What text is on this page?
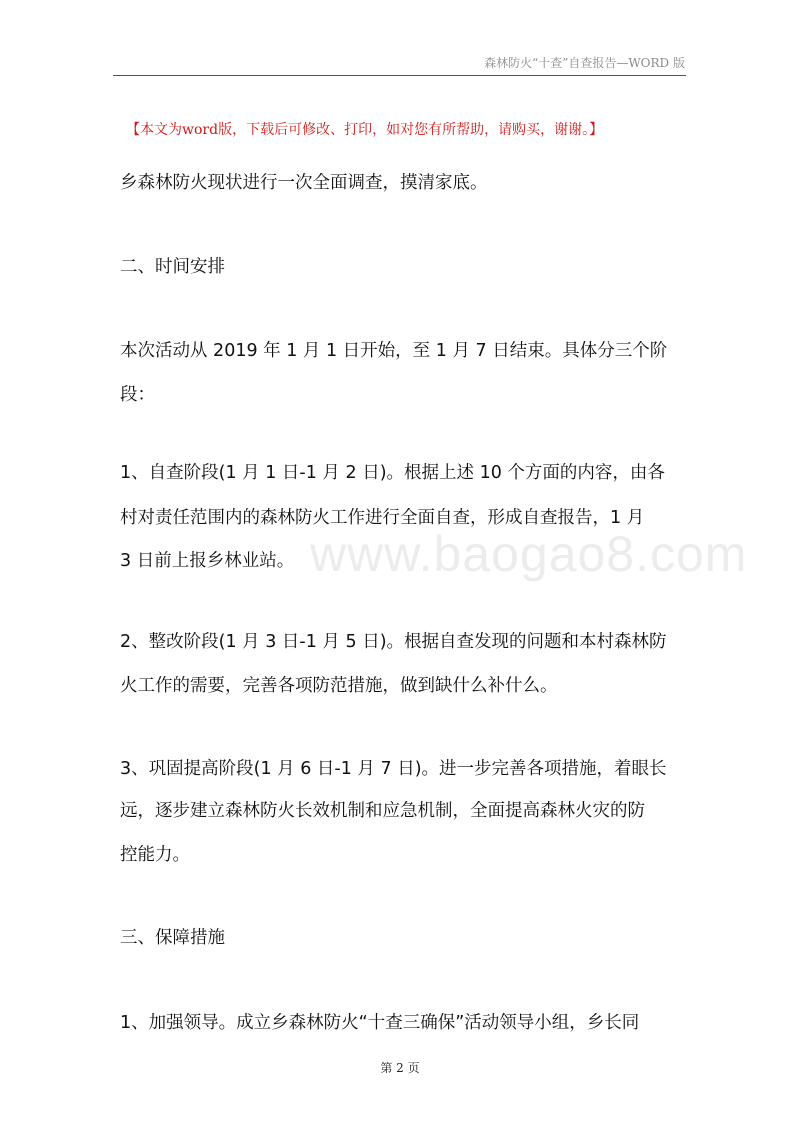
森林防火“十查”自查报告—WORD 版
【本文为word版，下载后可修改、打印，如对您有所帮助，请购买，谢谢。】
www.baogao8.com
乡森林防火现状进行一次全面调查，摸清家底。
二、时间安排
本次活动从 2019 年 1 月 1 日开始，至 1 月 7 日结束。具体分三个阶
段：
1、自查阶段(1 月 1 日-1 月 2 日)。根据上述 10 个方面的内容，由各
村对责任范围内的森林防火工作进行全面自查，形成自查报告，1 月
3 日前上报乡林业站。
2、整改阶段(1 月 3 日-1 月 5 日)。根据自查发现的问题和本村森林防
火工作的需要，完善各项防范措施，做到缺什么补什么。
3、巩固提高阶段(1 月 6 日-1 月 7 日)。进一步完善各项措施，着眼长
远，逐步建立森林防火长效机制和应急机制，全面提高森林火灾的防
控能力。
三、保障措施
1、加强领导。成立乡森林防火“十查三确保”活动领导小组，乡长同
第 2 页
